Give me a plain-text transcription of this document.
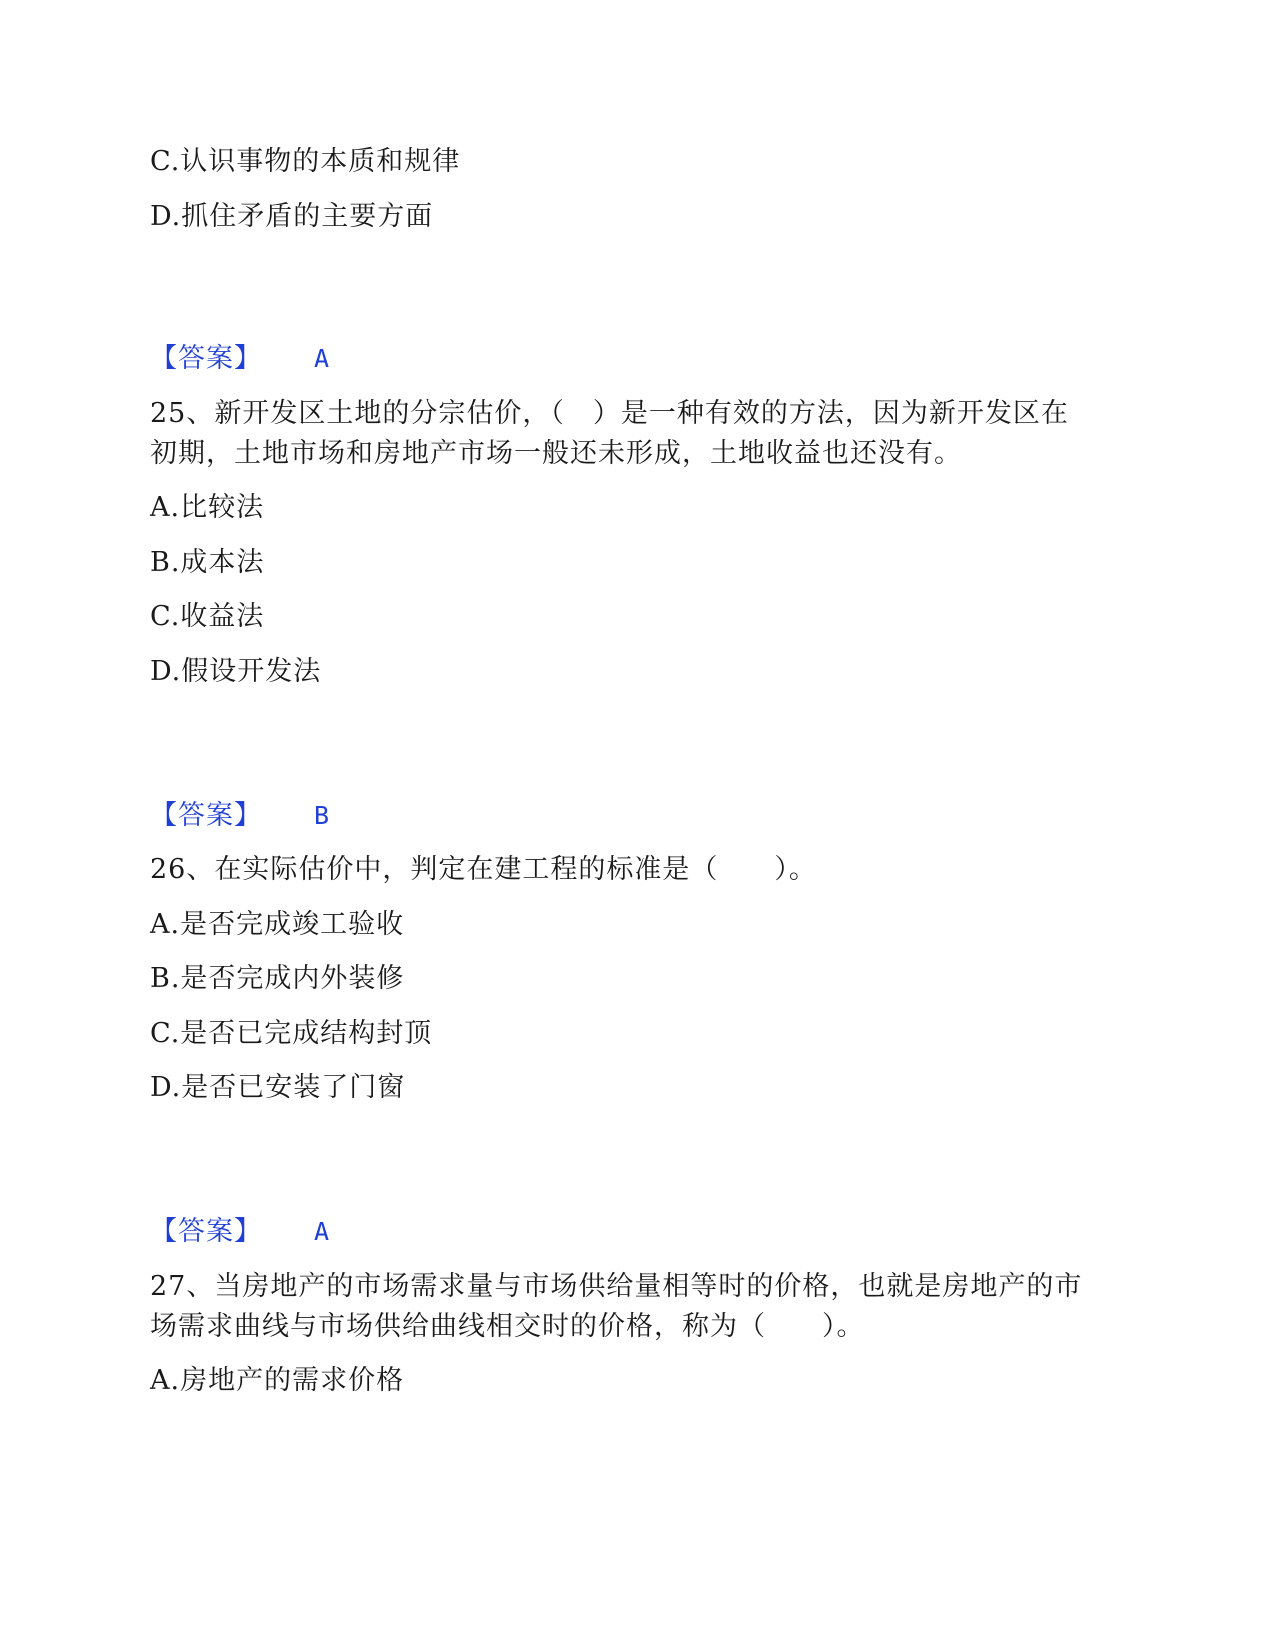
C.认识事物的本质和规律
D.抓住矛盾的主要方面
【答案】 A
25、新开发区土地的分宗估价，（　）是一种有效的方法，因为新开发区在
初期，土地市场和房地产市场一般还未形成，土地收益也还没有。
A.比较法
B.成本法
C.收益法
D.假设开发法
【答案】 B
26、在实际估价中，判定在建工程的标准是（　　）。
A.是否完成竣工验收
B.是否完成内外装修
C.是否已完成结构封顶
D.是否已安装了门窗
【答案】 A
27、当房地产的市场需求量与市场供给量相等时的价格，也就是房地产的市
场需求曲线与市场供给曲线相交时的价格，称为（　　）。
A.房地产的需求价格
